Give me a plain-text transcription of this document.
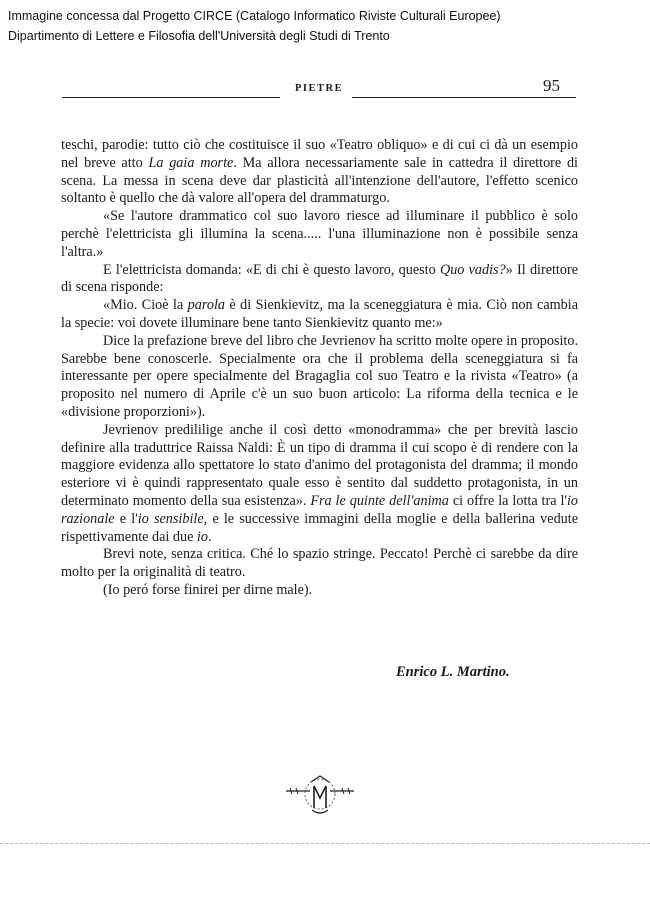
Immagine concessa dal Progetto CIRCE (Catalogo Informatico Riviste Culturali Europee)
Dipartimento di Lettere e Filosofia dell'Università degli Studi di Trento
PIETRE	95

teschi, parodie: tutto ciò che costituisce il suo «Teatro obliquo» e di cui ci dà un esempio nel breve atto La gaia morte. Ma allora necessariamente sale in cattedra il direttore di scena. La messa in scena deve dar plasticità all'intenzione dell'autore, l'effetto scenico soltanto è quello che dà valore all'opera del drammaturgo.

«Se l'autore drammatico col suo lavoro riesce ad illuminare il pubblico è solo perchè l'elettricista gli illumina la scena..... l'una illuminazione non è possibile senza l'altra.»

E l'elettricista domanda: «E di chi è questo lavoro, questo Quo vadis?» Il direttore di scena risponde:

«Mio. Cioè la parola è di Sienkievitz, ma la sceneggiatura è mia. Ciò non cambia la specie: voi dovete illuminare bene tanto Sienkievitz quanto me:»

Dice la prefazione breve del libro che Jevrienov ha scritto molte opere in proposito. Sarebbe bene conoscerle. Specialmente ora che il problema della sceneggiatura si fa interessante per opere specialmente del Bragaglia col suo Teatro e la rivista «Teatro» (a proposito nel numero di Aprile c'è un suo buon articolo: La riforma della tecnica e le «divisione proporzioni»).

Jevrienov predililige anche il così detto «monodramma» che per brevità lascio definire alla traduttrice Raissa Naldi: È un tipo di dramma il cui scopo è di rendere con la maggiore evidenza allo spettatore lo stato d'animo del protagonista del dramma; il mondo esteriore vi è quindi rappresentato quale esso è sentito dal suddetto protagonista, in un determinato momento della sua esistenza». Fra le quinte dell'anima ci offre la lotta tra l'io razionale e l'io sensibile, e le successive immagini della moglie e della ballerina vedute rispettivamente dai due io.

Brevi note, senza critica. Ché lo spazio stringe. Peccato! Perchè ci sarebbe da dire molto per la originalità di teatro.

(Io peró forse finirei per dirne male).

Enrico L. Martino.
